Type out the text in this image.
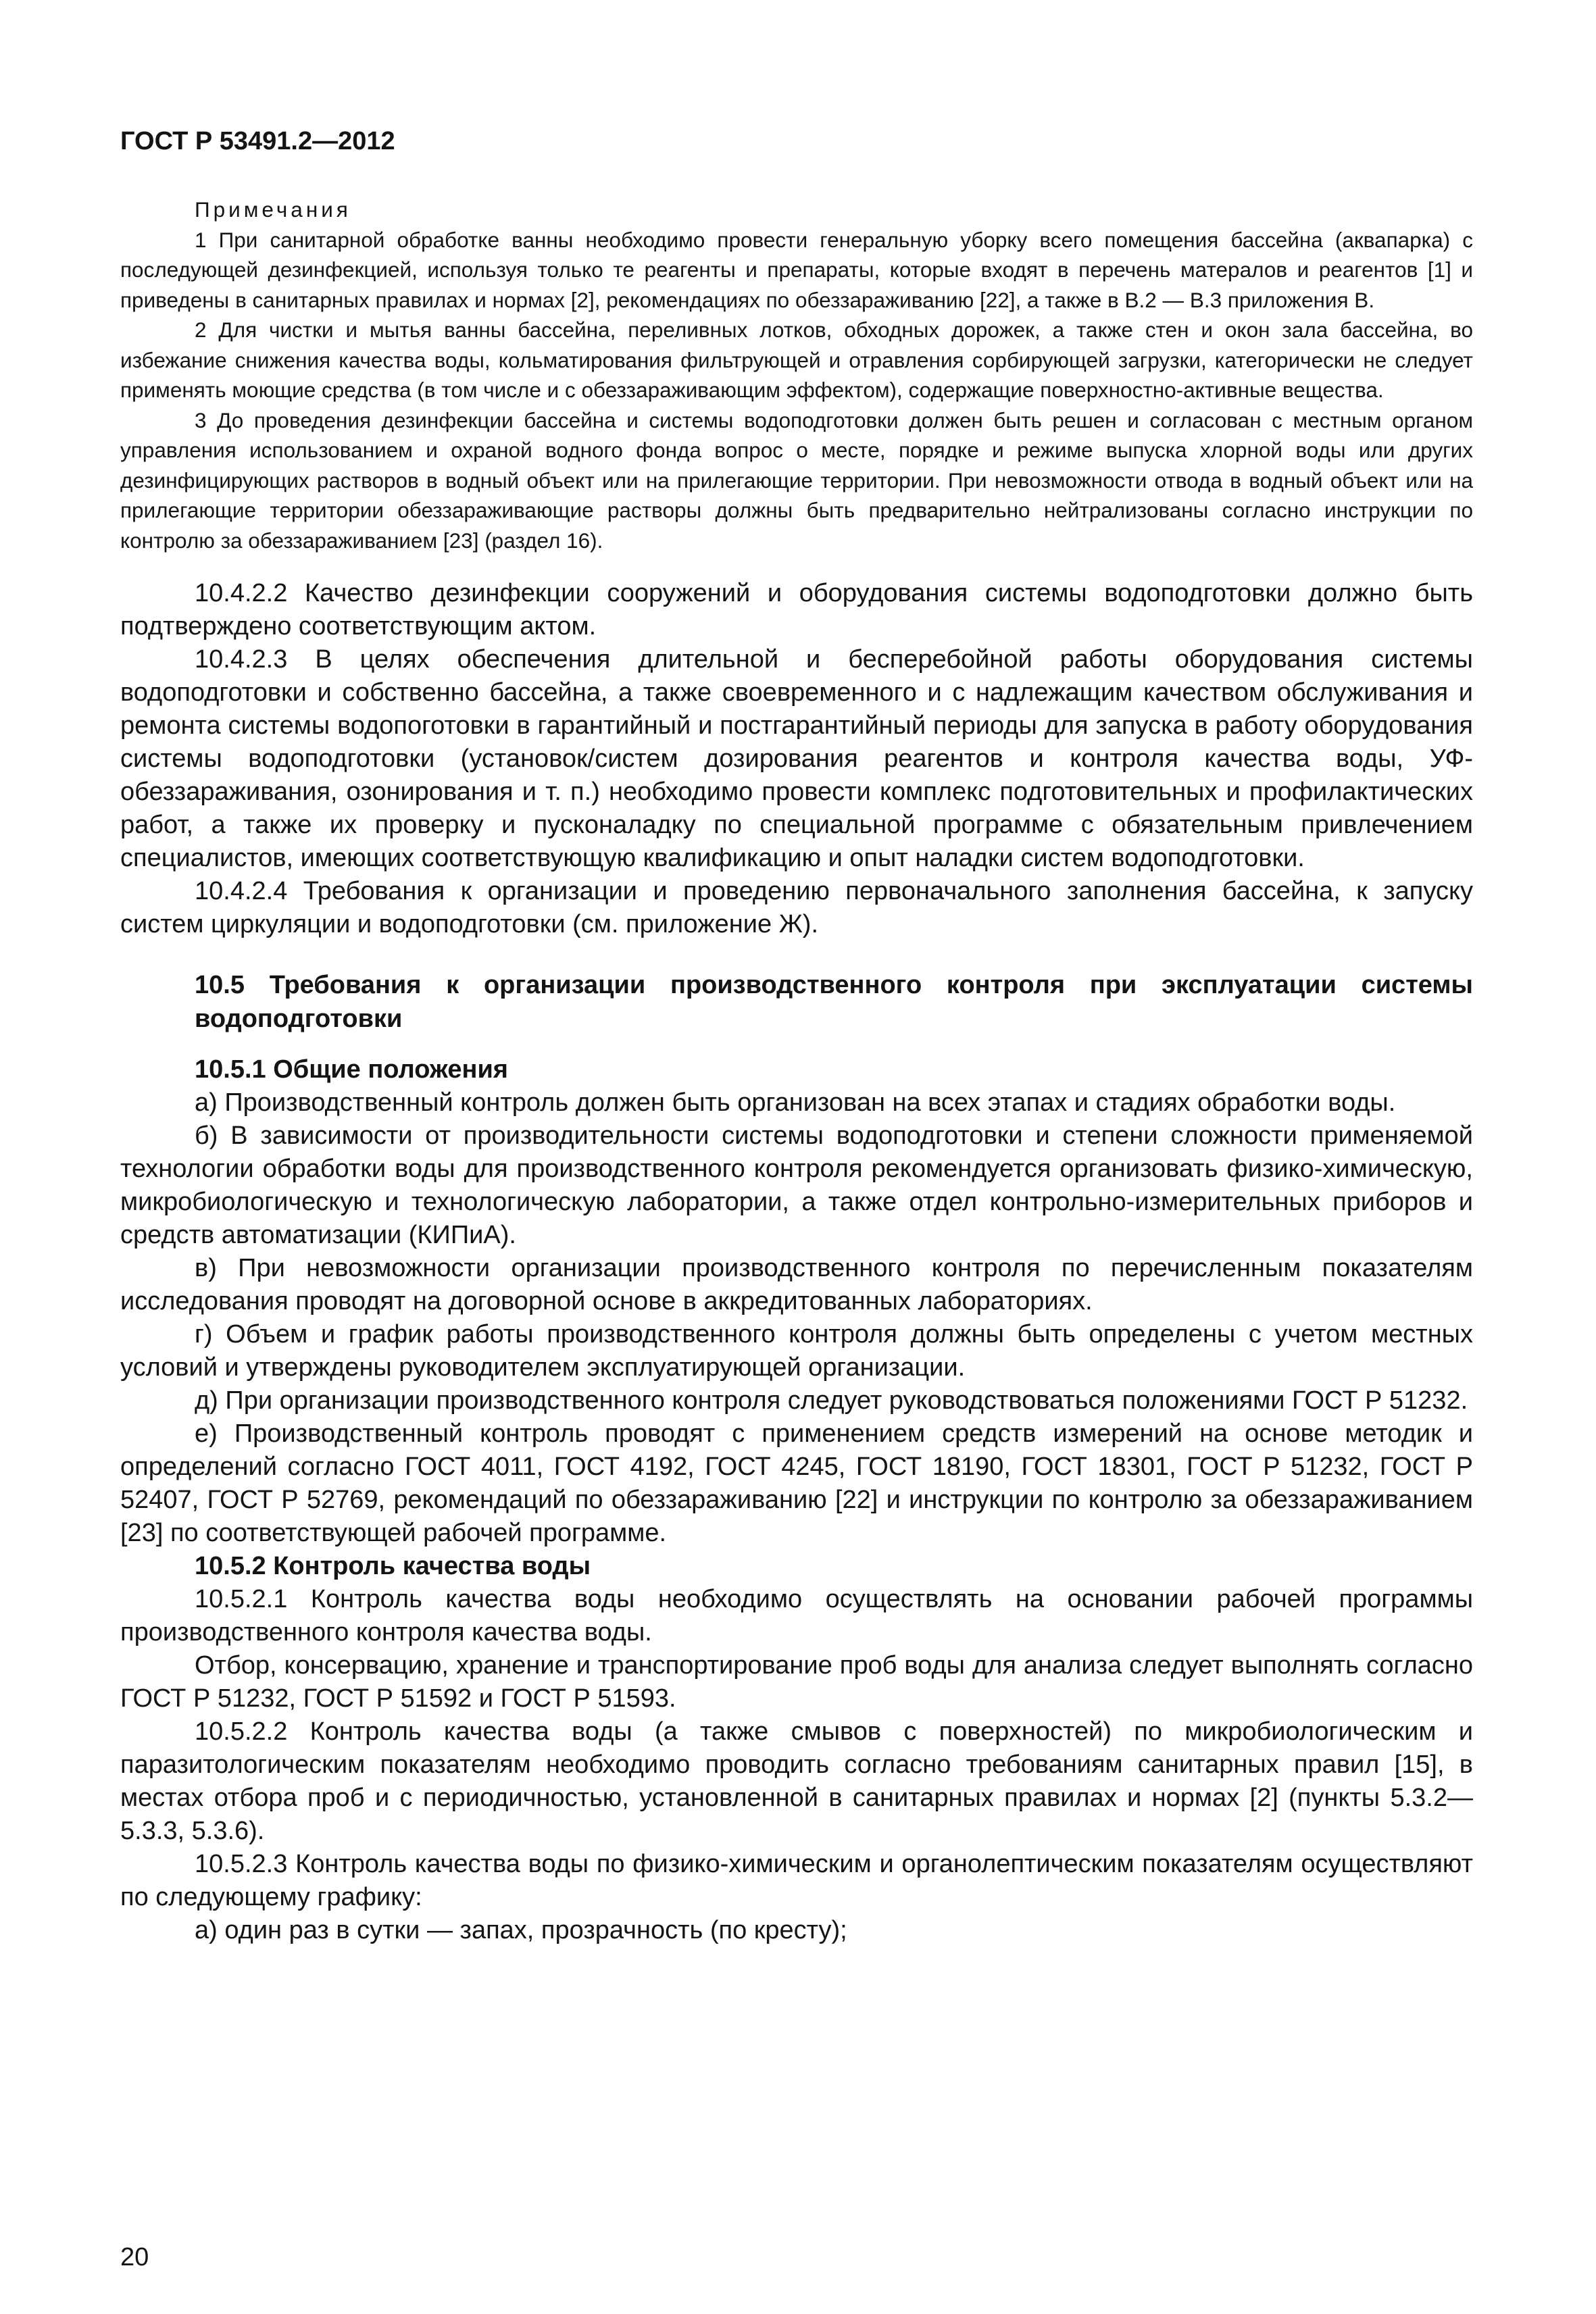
ГОСТ Р 53491.2—2012
Примечания

1 При санитарной обработке ванны необходимо провести генеральную уборку всего помещения бассейна (аквапарка) с последующей дезинфекцией, используя только те реагенты и препараты, которые входят в перечень матерaлов и реагентов [1] и приведены в санитарных правилах и нормах [2], рекомендациях по обеззараживанию [22], а также в В.2 — В.3 приложения В.

2 Для чистки и мытья ванны бассейна, переливных лотков, обходных дорожек, а также стен и окон зала бассейна, во избежание снижения качества воды, кольматирования фильтрующей и отравления сорбирующей загрузки, категорически не следует применять моющие средства (в том числе и с обеззараживающим эффектом), содержащие поверхностно-активные вещества.

3 До проведения дезинфекции бассейна и системы водоподготовки должен быть решен и согласован с местным органом управления использованием и охраной водного фонда вопрос о месте, порядке и режиме выпуска хлорной воды или других дезинфицирующих растворов в водный объект или на прилегающие территории. При невозможности отвода в водный объект или на прилегающие территории обеззараживающие растворы должны быть предварительно нейтрализованы согласно инструкции по контролю за обеззараживанием [23] (раздел 16).

10.4.2.2 Качество дезинфекции сооружений и оборудования системы водоподготовки должно быть подтверждено соответствующим актом.

10.4.2.3 В целях обеспечения длительной и бесперебойной работы оборудования системы водоподготовки и собственно бассейна, а также своевременного и с надлежащим качеством обслуживания и ремонта системы водопоготовки в гарантийный и постгарантийный периоды для запуска в работу оборудования системы водоподготовки (установок/систем дозирования реагентов и контроля качества воды, УФ-обеззараживания, озонирования и т. п.) необходимо провести комплекс подготовительных и профилактических работ, а также их проверку и пусконаладку по специальной программе с обязательным привлечением специалистов, имеющих соответствующую квалификацию и опыт наладки систем водоподготовки.

10.4.2.4 Требования к организации и проведению первоначального заполнения бассейна, к запуску систем циркуляции и водоподготовки (см. приложение Ж).

10.5 Требования к организации производственного контроля при эксплуатации системы водоподготовки
10.5.1 Общие положения

а) Производственный контроль должен быть организован на всех этапах и стадиях обработки воды.

б) В зависимости от производительности системы водоподготовки и степени сложности применяемой технологии обработки воды для производственного контроля рекомендуется организовать физико-химическую, микробиологическую и технологическую лаборатории, а также отдел контрольно-измерительных приборов и средств автоматизации (КИПиА).

в) При невозможности организации производственного контроля по перечисленным показателям исследования проводят на договорной основе в аккредитованных лабораториях.

г) Объем и график работы производственного контроля должны быть определены с учетом местных условий и утверждены руководителем эксплуатирующей организации.

д) При организации производственного контроля следует руководствоваться положениями ГОСТ Р 51232.

е) Производственный контроль проводят с применением средств измерений на основе методик и определений согласно ГОСТ 4011, ГОСТ 4192, ГОСТ 4245, ГОСТ 18190, ГОСТ 18301, ГОСТ Р 51232, ГОСТ Р 52407, ГОСТ Р 52769, рекомендаций по обеззараживанию [22] и инструкции по контролю за обеззараживанием [23] по соответствующей рабочей программе.

10.5.2 Контроль качества воды

10.5.2.1 Контроль качества воды необходимо осуществлять на основании рабочей программы производственного контроля качества воды.

Отбор, консервацию, хранение и транспортирование проб воды для анализа следует выполнять согласно ГОСТ Р 51232, ГОСТ Р 51592 и ГОСТ Р 51593.

10.5.2.2 Контроль качества воды (а также смывов с поверхностей) по микробиологическим и паразитологическим показателям необходимо проводить согласно требованиям санитарных правил [15], в местах отбора проб и с периодичностью, установленной в санитарных правилах и нормах [2] (пункты 5.3.2— 5.3.3, 5.3.6).

10.5.2.3 Контроль качества воды по физико-химическим и органолептическим показателям осуществляют по следующему графику:

а) один раз в сутки — запах, прозрачность (по кресту);

20
